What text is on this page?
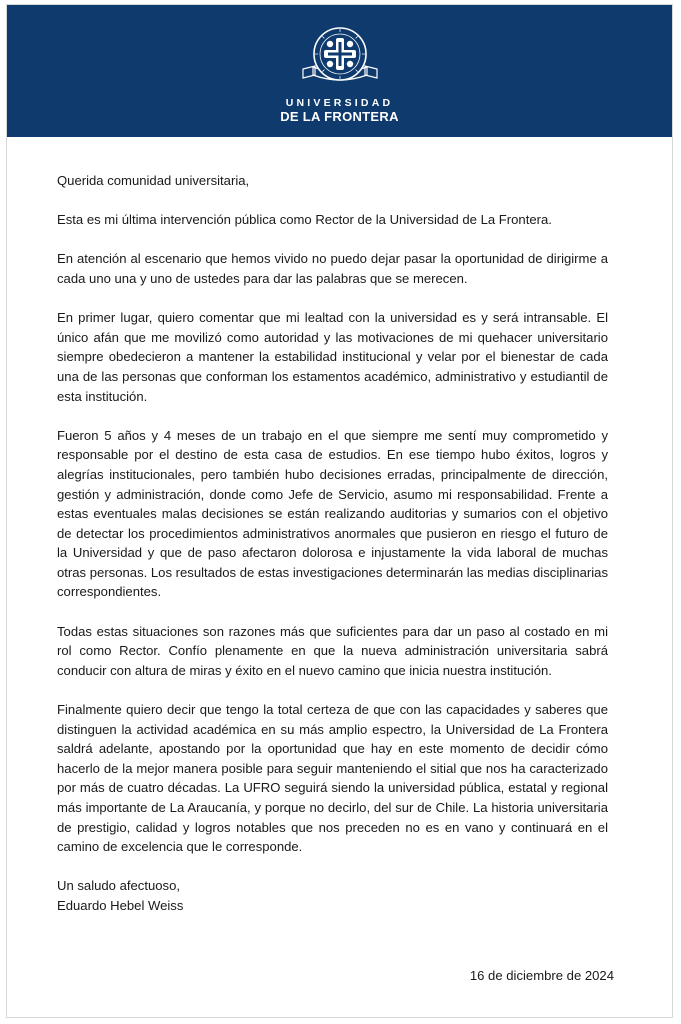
UNIVERSIDAD
DE LA FRONTERA

Querida comunidad universitaria,

Esta es mi última intervención pública como Rector de la Universidad de La Frontera.

En atención al escenario que hemos vivido no puedo dejar pasar la oportunidad de dirigirme a cada uno una y uno de ustedes para dar las palabras que se merecen.

En primer lugar, quiero comentar que mi lealtad con la universidad es y será intransable. El único afán que me movilizó como autoridad y las motivaciones de mi quehacer universitario siempre obedecieron a mantener la estabilidad institucional y velar por el bienestar de cada una de las personas que conforman los estamentos académico, administrativo y estudiantil de esta institución.

Fueron 5 años y 4 meses de un trabajo en el que siempre me sentí muy comprometido y responsable por el destino de esta casa de estudios. En ese tiempo hubo éxitos, logros y alegrías institucionales, pero también hubo decisiones erradas, principalmente de dirección, gestión y administración, donde como Jefe de Servicio, asumo mi responsabilidad. Frente a estas eventuales malas decisiones se están realizando auditorias y sumarios con el objetivo de detectar los procedimientos administrativos anormales que pusieron en riesgo el futuro de la Universidad y que de paso afectaron dolorosa e injustamente la vida laboral de muchas otras personas. Los resultados de estas investigaciones determinarán las medias disciplinarias correspondientes.

Todas estas situaciones son razones más que suficientes para dar un paso al costado en mi rol como Rector. Confío plenamente en que la nueva administración universitaria sabrá conducir con altura de miras y éxito en el nuevo camino que inicia nuestra institución.

Finalmente quiero decir que tengo la total certeza de que con las capacidades y saberes que distinguen la actividad académica en su más amplio espectro, la Universidad de La Frontera saldrá adelante, apostando por la oportunidad que hay en este momento de decidir cómo hacerlo de la mejor manera posible para seguir manteniendo el sitial que nos ha caracterizado por más de cuatro décadas. La UFRO seguirá siendo la universidad pública, estatal y regional más importante de La Araucanía, y porque no decirlo, del sur de Chile. La historia universitaria de prestigio, calidad y logros notables que nos preceden no es en vano y continuará en el camino de excelencia que le corresponde.

Un saludo afectuoso,
Eduardo Hebel Weiss
16 de diciembre de 2024
